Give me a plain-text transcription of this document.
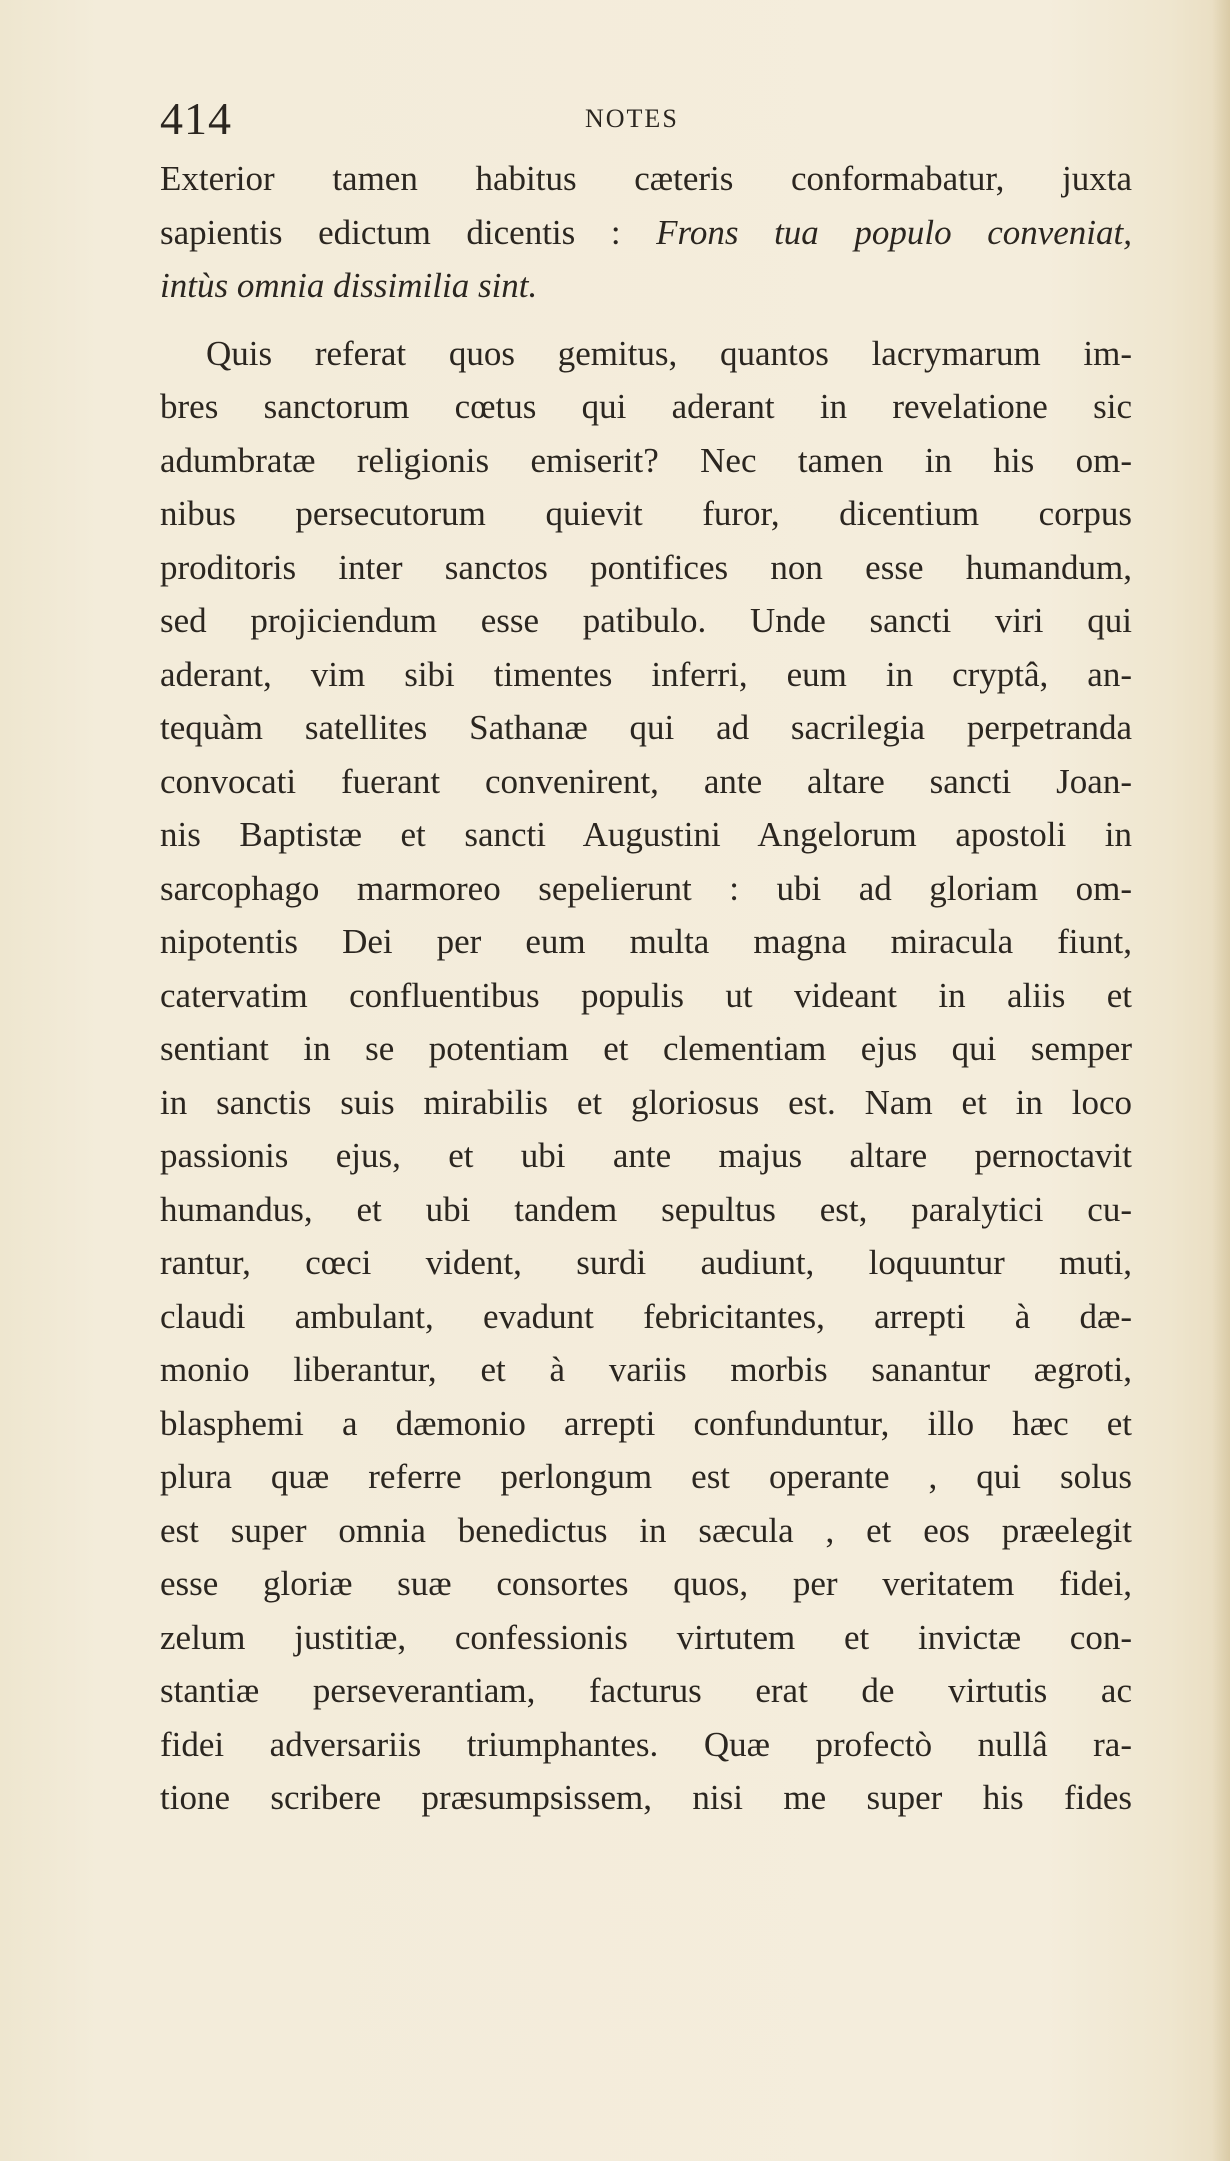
414	NOTES
Exterior tamen habitus cæteris conformabatur, juxta
sapientis edictum dicentis : Frons tua populo conveniat,
intùs omnia dissimilia sint.
Quis referat quos gemitus, quantos lacrymarum im-
bres sanctorum cœtus qui aderant in revelatione sic
adumbratæ religionis emiserit? Nec tamen in his om-
nibus persecutorum quievit furor, dicentium corpus
proditoris inter sanctos pontifices non esse humandum,
sed projiciendum esse patibulo. Unde sancti viri qui
aderant, vim sibi timentes inferri, eum in cryptâ, an-
tequàm satellites Sathanæ qui ad sacrilegia perpetranda
convocati fuerant convenirent, ante altare sancti Joan-
nis Baptistæ et sancti Augustini Angelorum apostoli in
sarcophago marmoreo sepelierunt : ubi ad gloriam om-
nipotentis Dei per eum multa magna miracula fiunt,
catervatim confluentibus populis ut videant in aliis et
sentiant in se potentiam et clementiam ejus qui semper
in sanctis suis mirabilis et gloriosus est. Nam et in loco
passionis ejus, et ubi ante majus altare pernoctavit
humandus, et ubi tandem sepultus est, paralytici cu-
rantur, cœci vident, surdi audiunt, loquuntur muti,
claudi ambulant, evadunt febricitantes, arrepti à dæ-
monio liberantur, et à variis morbis sanantur ægroti,
blasphemi a dæmonio arrepti confunduntur, illo hæc et
plura quæ referre perlongum est operante , qui solus
est super omnia benedictus in sæcula , et eos præelegit
esse gloriæ suæ consortes quos, per veritatem fidei,
zelum justitiæ, confessionis virtutem et invictæ con-
stantiæ perseverantiam, facturus erat de virtutis ac
fidei adversariis triumphantes. Quæ profectò nullâ ra-
tione scribere præsumpsissem, nisi me super his fides
